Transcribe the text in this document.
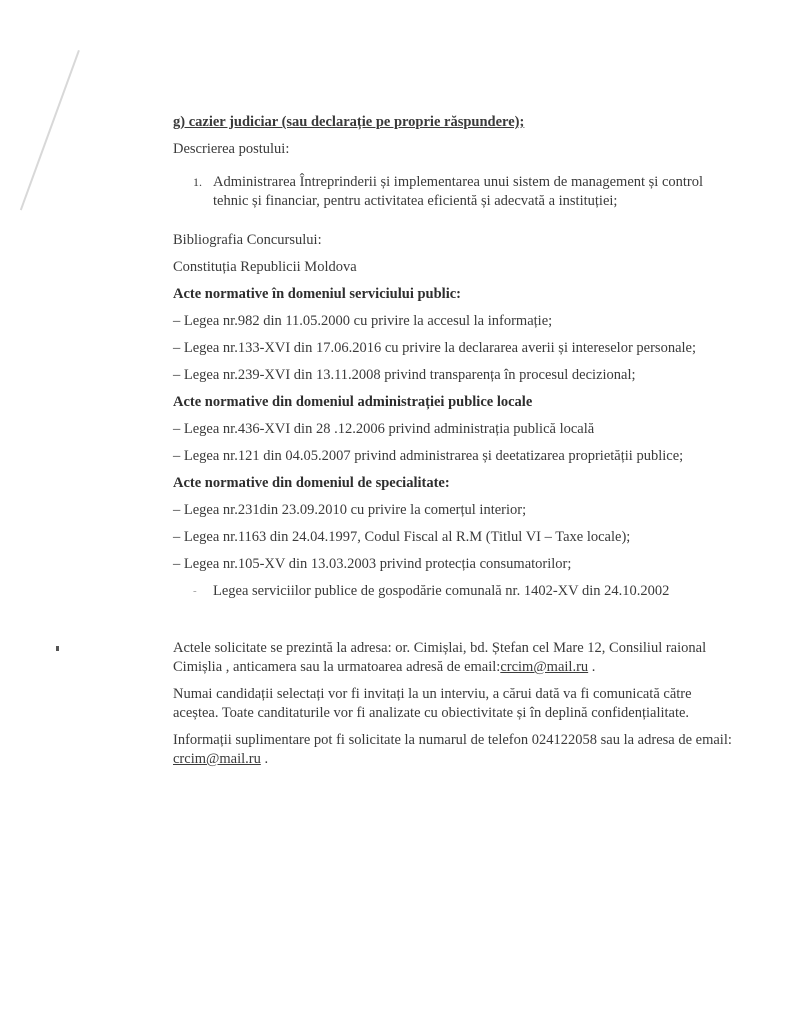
g) cazier judiciar (sau declarație pe proprie răspundere);
Descrierea postului:
1. Administrarea Întreprinderii și implementarea unui sistem de management și control tehnic și financiar, pentru activitatea eficientă și adecvată a instituției;
Bibliografia Concursului:
Constituția Republicii Moldova
Acte normative în domeniul serviciului public:
– Legea nr.982 din 11.05.2000 cu privire la accesul la informație;
– Legea nr.133-XVI din 17.06.2016 cu privire la declararea averii și intereselor personale;
– Legea nr.239-XVI din 13.11.2008 privind transparența în procesul decizional;
Acte normative din domeniul administrației publice locale
– Legea nr.436-XVI din 28 .12.2006 privind administrația publică locală
– Legea nr.121 din 04.05.2007 privind administrarea și deetatizarea proprietății publice;
Acte normative din domeniul de specialitate:
– Legea nr.231din 23.09.2010 cu privire la comerțul interior;
– Legea nr.1163 din 24.04.1997, Codul Fiscal al R.M (Titlul VI – Taxe locale);
– Legea nr.105-XV din 13.03.2003 privind protecția consumatorilor;
-	Legea serviciilor publice de gospodărie comunală nr. 1402-XV din 24.10.2002
Actele solicitate se prezintă la adresa: or. Cimișlai, bd. Ștefan cel Mare 12, Consiliul raional Cimișlia , anticamera sau la urmatoarea adresă de email:crcim@mail.ru .
Numai candidații selectați vor fi invitați la un interviu, a cărui dată va fi comunicată către aceștea. Toate canditaturile vor fi analizate cu obiectivitate și în deplină confidențialitate.
Informații suplimentare pot fi solicitate la numarul de telefon 024122058 sau la adresa de email: crcim@mail.ru .
